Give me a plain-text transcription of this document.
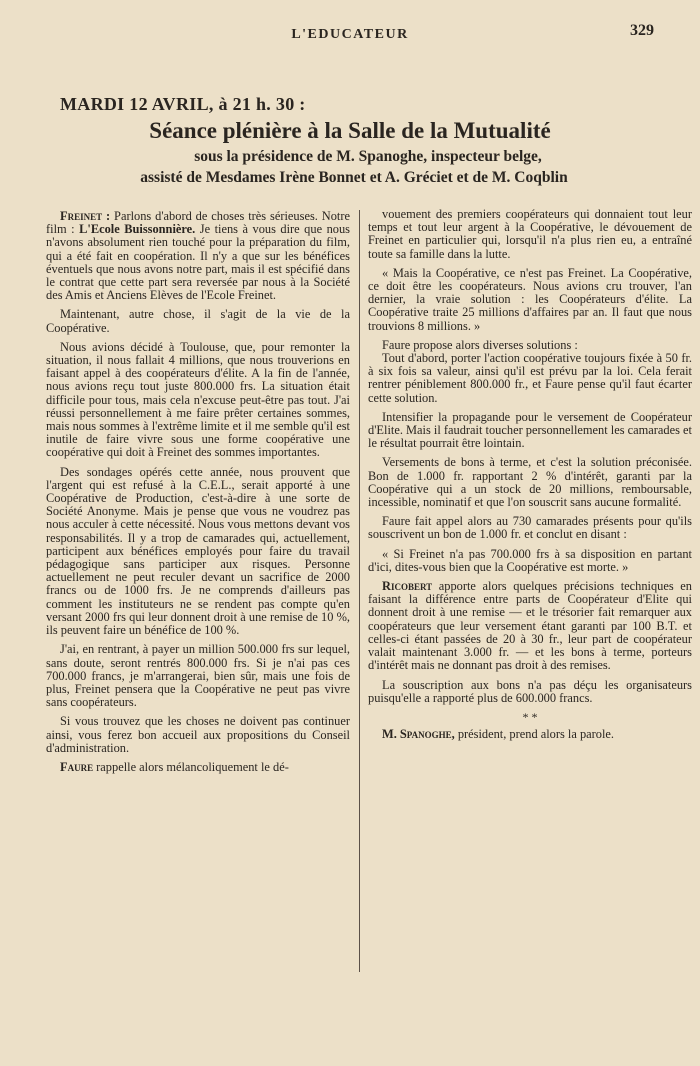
L'EDUCATEUR	329
MARDI 12 AVRIL, à 21 h. 30 :
Séance plénière à la Salle de la Mutualité
sous la présidence de M. Spanoghe, inspecteur belge,
assisté de Mesdames Irène Bonnet et A. Gréciet et de M. Coqblin

Freinet : Parlons d'abord de choses très sérieuses. Notre film : L'Ecole Buissonnière. Je tiens à vous dire que nous n'avons absolument rien touché pour la préparation du film, qui a été fait en coopération. Il n'y a que sur les bénéfices éventuels que nous avons notre part, mais il est spécifié dans le contrat que cette part sera reversée par nous à la Société des Amis et Anciens Elèves de l'Ecole Freinet.

Maintenant, autre chose, il s'agit de la vie de la Coopérative.

Nous avions décidé à Toulouse, que, pour remonter la situation, il nous fallait 4 millions, que nous trouverions en faisant appel à des coopérateurs d'élite. A la fin de l'année, nous avions reçu tout juste 800.000 frs. La situation était difficile pour tous, mais cela n'excuse peut-être pas tout. J'ai réussi personnellement à me faire prêter certaines sommes, mais nous sommes à l'extrême limite et il me semble qu'il est inutile de faire vivre sous une forme coopérative une coopérative qui doit à Freinet des sommes importantes.

Des sondages opérés cette année, nous prouvent que l'argent qui est refusé à la C.E.L., serait apporté à une Coopérative de Production, c'est-à-dire à une sorte de Société Anonyme. Mais je pense que vous ne voudrez pas nous acculer à cette nécessité. Nous vous mettons devant vos responsabilités. Il y a trop de camarades qui, actuellement, participent aux bénéfices employés pour faire du travail pédagogique sans participer aux risques. Personne actuellement ne peut reculer devant un sacrifice de 2000 francs ou de 1000 frs. Je ne comprends d'ailleurs pas comment les instituteurs ne se rendent pas compte qu'en versant 2000 frs qui leur donnent droit à une remise de 10 %, ils peuvent faire un bénéfice de 100 %.

J'ai, en rentrant, à payer un million 500.000 frs sur lequel, sans doute, seront rentrés 800.000 frs. Si je n'ai pas ces 700.000 francs, je m'arrangerai, bien sûr, mais une fois de plus, Freinet pensera que la Coopérative ne peut pas vivre sans coopérateurs.

Si vous trouvez que les choses ne doivent pas continuer ainsi, vous ferez bon accueil aux propositions du Conseil d'administration.

Faure rappelle alors mélancoliquement le dé-

vouement des premiers coopérateurs qui donnaient tout leur temps et tout leur argent à la Coopérative, le dévouement de Freinet en particulier qui, lorsqu'il n'a plus rien eu, a entraîné toute sa famille dans la lutte.

« Mais la Coopérative, ce n'est pas Freinet. La Coopérative, ce doit être les coopérateurs. Nous avions cru trouver, l'an dernier, la vraie solution : les Coopérateurs d'élite. La Coopérative traite 25 millions d'affaires par an. Il faut que nous trouvions 8 millions. »

Faure propose alors diverses solutions :

Tout d'abord, porter l'action coopérative toujours fixée à 50 fr. à six fois sa valeur, ainsi qu'il est prévu par la loi. Cela ferait rentrer péniblement 800.000 fr., et Faure pense qu'il faut écarter cette solution.

Intensifier la propagande pour le versement de Coopérateur d'Elite. Mais il faudrait toucher personnellement les camarades et le résultat pourrait être lointain.

Versements de bons à terme, et c'est la solution préconisée. Bon de 1.000 fr. rapportant 2 % d'intérêt, garanti par la Coopérative qui a un stock de 20 millions, remboursable, incessible, nominatif et que l'on souscrit sans aucune formalité.

Faure fait appel alors au 730 camarades présents pour qu'ils souscrivent un bon de 1.000 fr. et conclut en disant :

« Si Freinet n'a pas 700.000 frs à sa disposition en partant d'ici, dites-vous bien que la Coopérative est morte. »

Ricobert apporte alors quelques précisions techniques en faisant la différence entre parts de Coopérateur d'Elite qui donnent droit à une remise — et le trésorier fait remarquer aux coopérateurs que leur versement étant garanti par 100 B.T. et celles-ci étant passées de 20 à 30 fr., leur part de coopérateur valait maintenant 3.000 fr. — et les bons à terme, porteurs d'intérêt mais ne donnant pas droit à des remises.

La souscription aux bons n'a pas déçu les organisateurs puisqu'elle a rapporté plus de 600.000 francs.

* *

M. Spanoghe, président, prend alors la parole.
